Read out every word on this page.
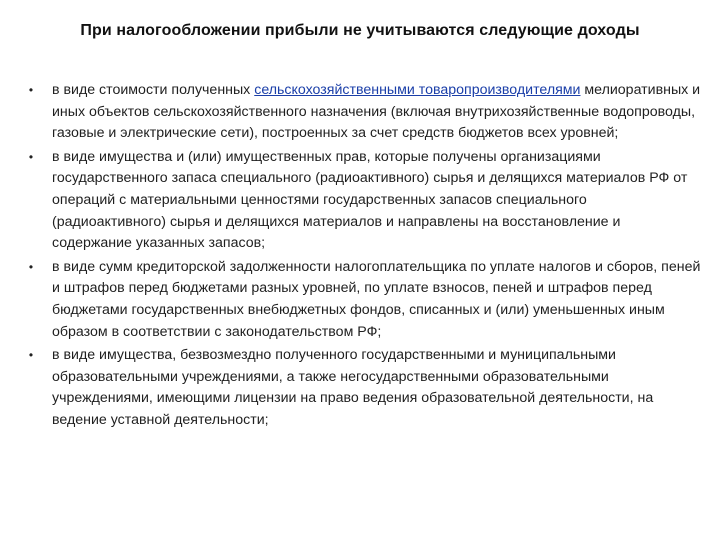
При налогообложении прибыли не учитываются следующие доходы
• в виде стоимости полученных сельскохозяйственными товаропроизводителями мелиоративных и иных объектов сельскохозяйственного назначения (включая внутрихозяйственные водопроводы, газовые и электрические сети), построенных за счет средств бюджетов всех уровней;
• в виде имущества и (или) имущественных прав, которые получены организациями государственного запаса специального (радиоактивного) сырья и делящихся материалов РФ от операций с материальными ценностями государственных запасов специального (радиоактивного) сырья и делящихся материалов и направлены на восстановление и содержание указанных запасов;
• в виде сумм кредиторской задолженности налогоплательщика по уплате налогов и сборов, пеней и штрафов перед бюджетами разных уровней, по уплате взносов, пеней и штрафов перед бюджетами государственных внебюджетных фондов, списанных и (или) уменьшенных иным образом в соответствии с законодательством РФ;
• в виде имущества, безвозмездно полученного государственными и муниципальными образовательными учреждениями, а также негосударственными образовательными учреждениями, имеющими лицензии на право ведения образовательной деятельности, на ведение уставной деятельности;
